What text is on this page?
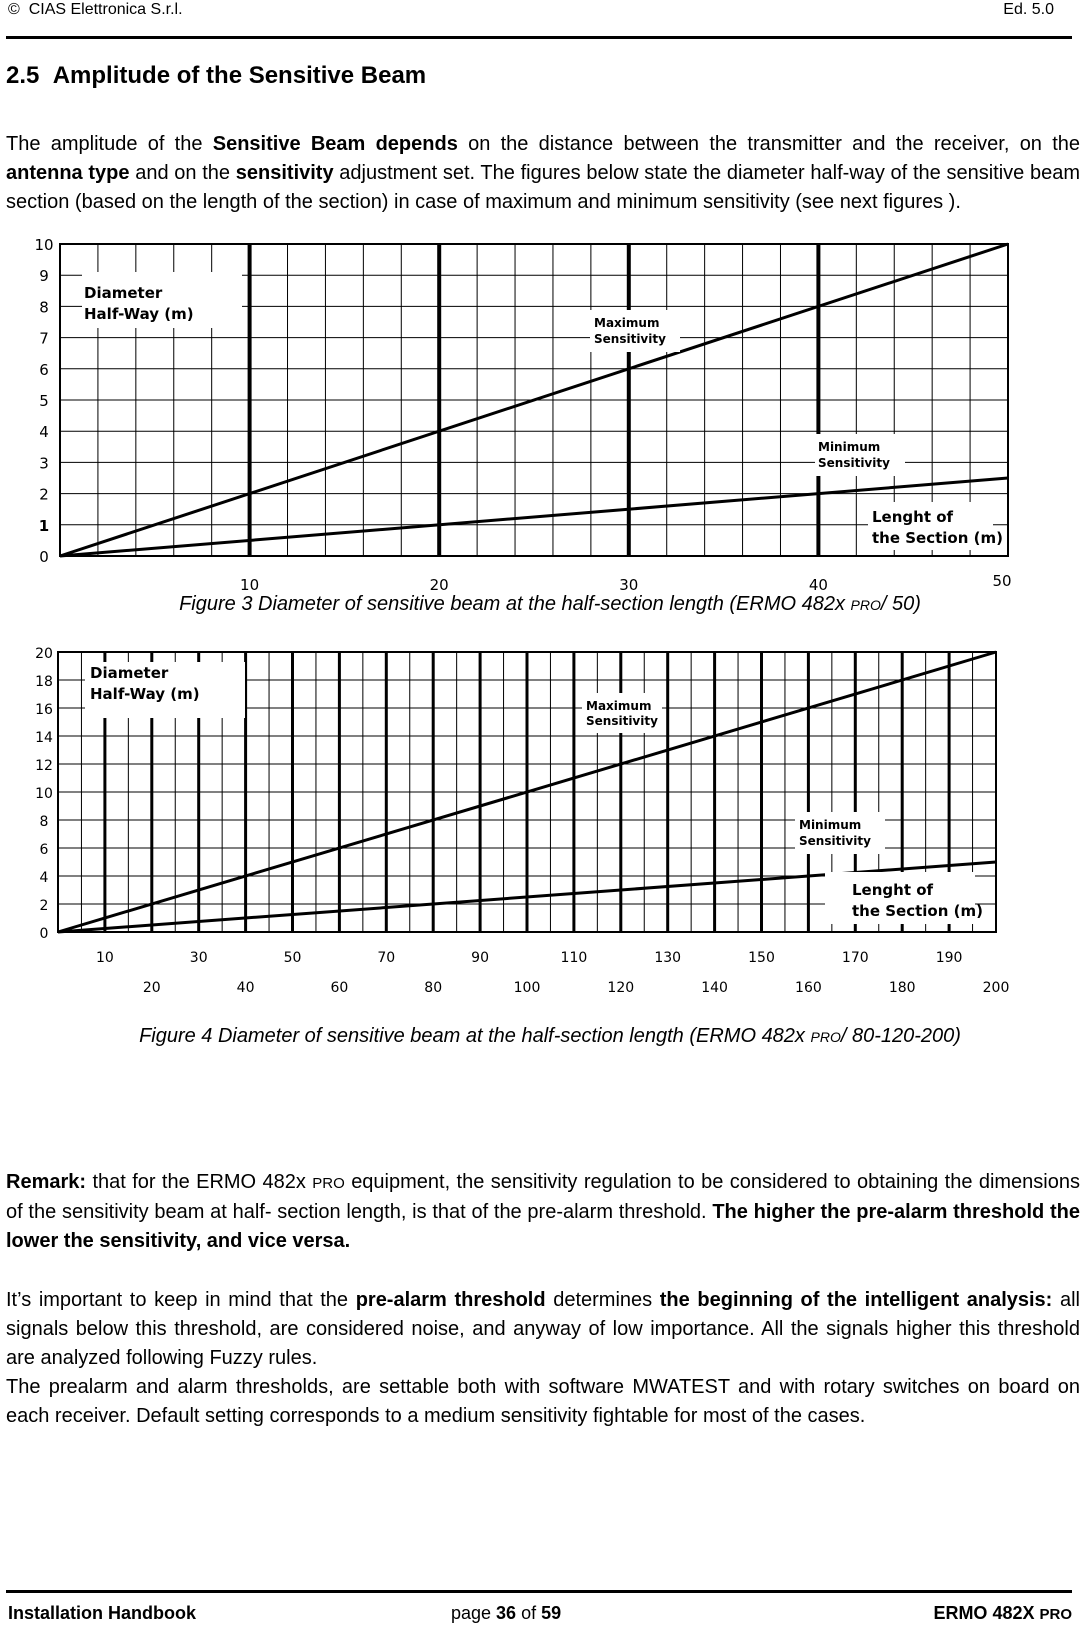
©  CIAS Elettronica S.r.l.	Ed. 5.0
2.5 Amplitude of the Sensitive Beam

The amplitude of the Sensitive Beam depends on the distance between the transmitter and the receiver, on the antenna type and on the sensitivity adjustment set. The figures below state the diameter half-way of the sensitive beam section (based on the length of the section) in case of maximum and minimum sensitivity (see next figures ).

0
1
2
3
4
5
6
7
8
9
10
10	20	30	40	50
Diameter
Half-Way (m)	Maximum
Sensitivity
Minimum
Sensitivity
Lenght of
the Section (m)
Figure 3 Diameter of sensitive beam at the half-section length (ERMO 482x PRO/ 50)
0
2
4
6
8
10
12
14
16
18
20
10	30	50	70	90	110	130	150	170	190
20	40	60	80	100	120	140	160	180	200
Diameter
Half-Way (m)
Maximum
Sensitivity
Minimum
Sensitivity
Lenght of
the Section (m)
Figure 4 Diameter of sensitive beam at the half-section length (ERMO 482x PRO/ 80-120-200)

Remark: that for the ERMO 482x PRO equipment, the sensitivity regulation to be considered to obtaining the dimensions of the sensitivity beam at half- section length, is that of the pre-alarm threshold. The higher the pre-alarm threshold the lower the sensitivity, and vice versa.

It’s important to keep in mind that the pre-alarm threshold determines the beginning of the intelligent analysis: all signals below this threshold, are considered noise, and anyway of low importance. All the signals higher this threshold are analyzed following Fuzzy rules.
The prealarm and alarm thresholds, are settable both with software MWATEST and with rotary switches on board on each receiver. Default setting corresponds to a medium sensitivity fightable for most of the cases.

Installation Handbook	page 36 of 59	ERMO 482X PRO
